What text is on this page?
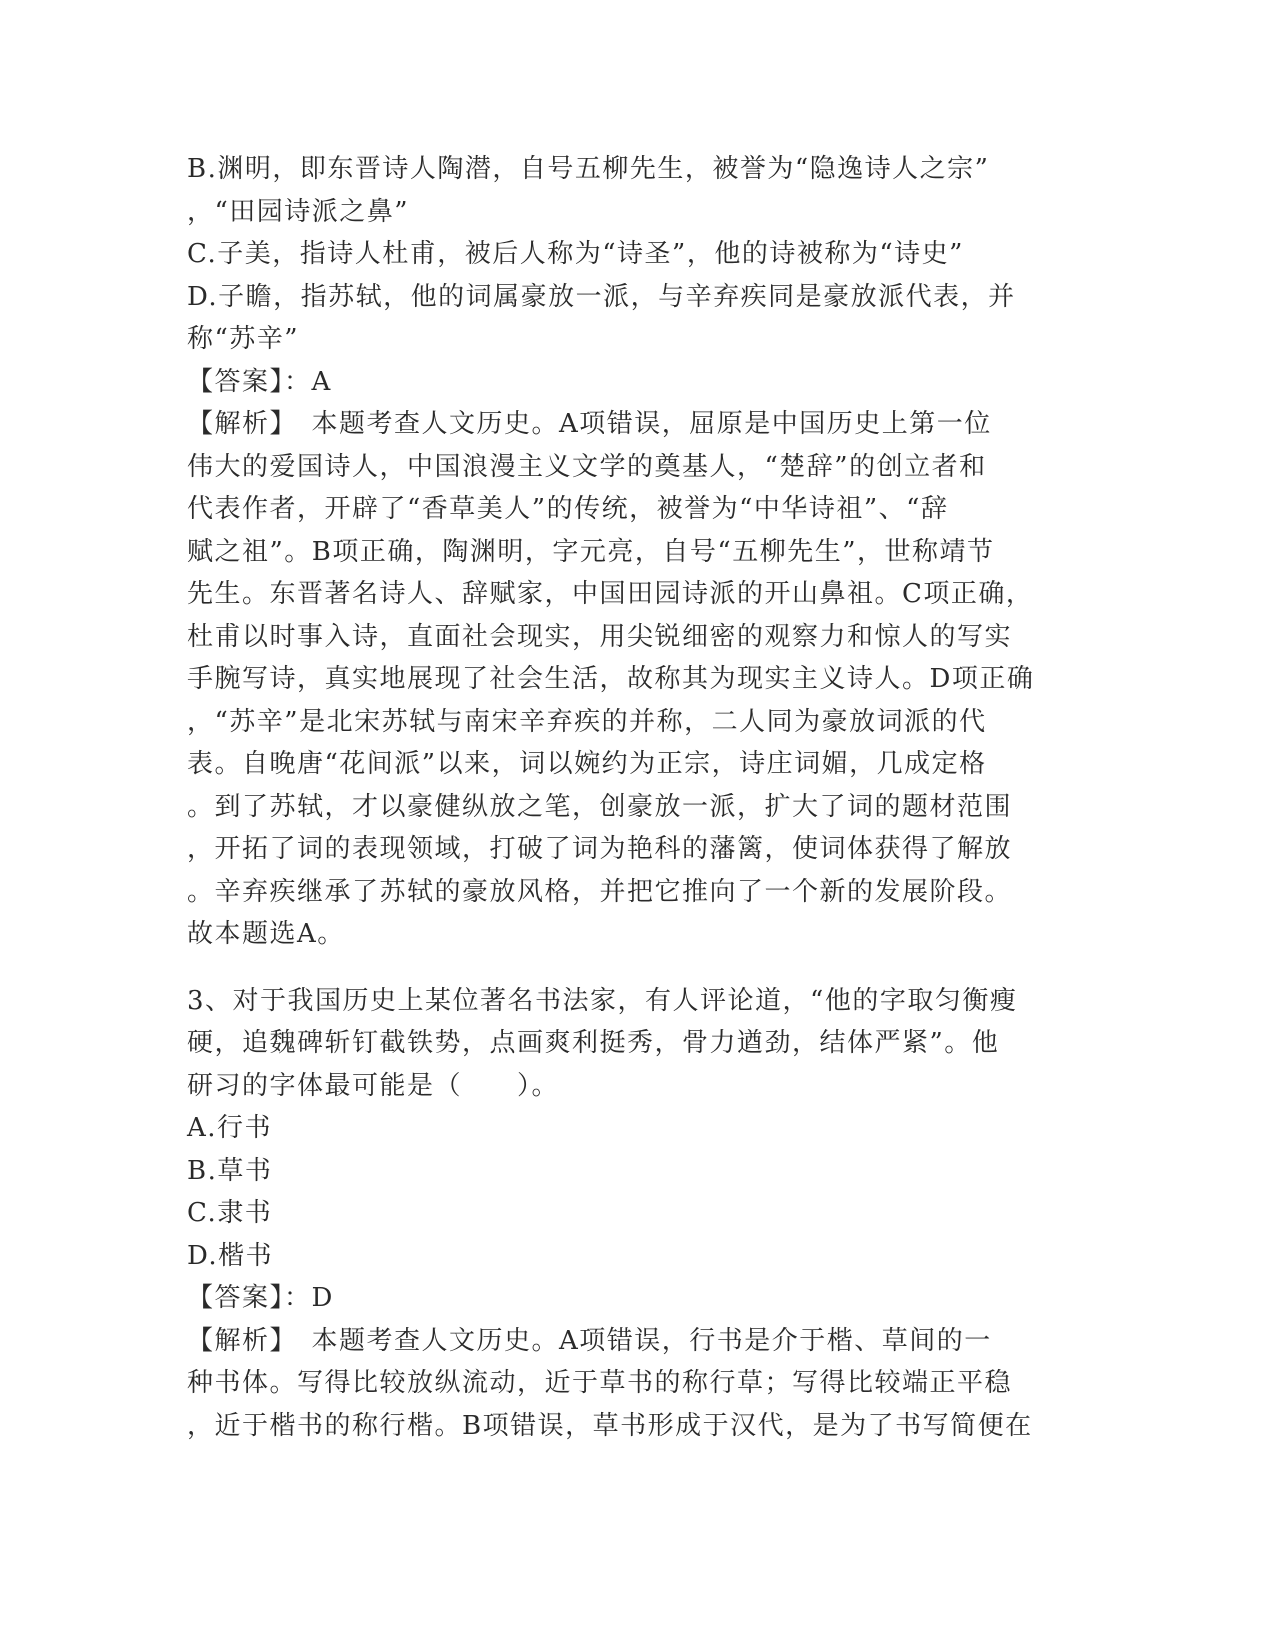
B.渊明，即东晋诗人陶潜，自号五柳先生，被誉为“隐逸诗人之宗”
，“田园诗派之鼻”
C.子美，指诗人杜甫，被后人称为“诗圣”，他的诗被称为“诗史”
D.子瞻，指苏轼，他的词属豪放一派，与辛弃疾同是豪放派代表，并
称“苏辛”
【答案】：A
【解析】　本题考查人文历史。A项错误，屈原是中国历史上第一位
伟大的爱国诗人，中国浪漫主义文学的奠基人，“楚辞”的创立者和
代表作者，开辟了“香草美人”的传统，被誉为“中华诗祖”、“辞
赋之祖”。B项正确，陶渊明，字元亮，自号“五柳先生”，世称靖节
先生。东晋著名诗人、辞赋家，中国田园诗派的开山鼻祖。C项正确，
杜甫以时事入诗，直面社会现实，用尖锐细密的观察力和惊人的写实
手腕写诗，真实地展现了社会生活，故称其为现实主义诗人。D项正确
，“苏辛”是北宋苏轼与南宋辛弃疾的并称，二人同为豪放词派的代
表。自晚唐“花间派”以来，词以婉约为正宗，诗庄词媚，几成定格
。到了苏轼，才以豪健纵放之笔，创豪放一派，扩大了词的题材范围
，开拓了词的表现领域，打破了词为艳科的藩篱，使词体获得了解放
。辛弃疾继承了苏轼的豪放风格，并把它推向了一个新的发展阶段。
故本题选A。
3、对于我国历史上某位著名书法家，有人评论道，“他的字取匀衡瘦
硬，追魏碑斩钉截铁势，点画爽利挺秀，骨力遒劲，结体严紧”。他
研习的字体最可能是（　　）。
A.行书
B.草书
C.隶书
D.楷书
【答案】：D
【解析】　本题考查人文历史。A项错误，行书是介于楷、草间的一
种书体。写得比较放纵流动，近于草书的称行草；写得比较端正平稳
，近于楷书的称行楷。B项错误，草书形成于汉代，是为了书写简便在
